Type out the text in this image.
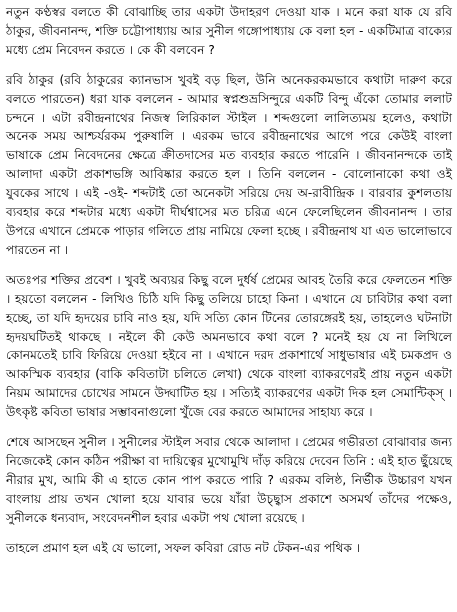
নতুন কণ্ঠস্বর বলতে কী বোঝাচ্ছি তার একটা উদাহরণ দেওয়া যাক । মনে করা যাক যে রবি ঠাকুর, জীবনানন্দ, শক্তি চট্টোপাধ্যায় আর সুনীল গঙ্গোপাধ্যায় কে বলা হল - একটিমাত্র বাক্যের মধ্যে প্রেম নিবেদন করতে । কে কী বলবেন ?

রবি ঠাকুর (রবি ঠাকুরের ক্যানভাস খুবই বড় ছিল, উনি অনেকরকমভাবে কথাটা দারুণ করে বলতে পারতেন) ধরা যাক বললেন - আমার স্বপ্নশুভ্রসিন্দুরে একটি বিন্দু এঁকো তোমার ললাট চন্দনে । এটা রবীন্দ্রনাথের নিজস্ব লিরিকাল স্টাইল । শব্দগুলো লালিত্যময় হলেও, কথাটা অনেক সময় আশ্চর্যরকম পুরুষালি । এরকম ভাবে রবীন্দ্রনাথের আগে পরে কেউই বাংলা ভাষাকে প্রেম নিবেদনের ক্ষেত্রে ক্রীতদাসের মত ব্যবহার করতে পারেনি । জীবনানন্দকে তাই আলাদা একটা প্রকাশভঙ্গি আবিষ্কার করতে হল । তিনি বললেন - বোলোনাকো কথা ওই যুবকের সাথে । এই -ওই- শব্দটাই তো অনেকটা সরিয়ে দেয় অ-রাবীন্দ্রিক । বারবার কুশলতায় ব্যবহার করে শব্দটার মধ্যে একটা দীর্ঘশ্বাসের মত চরিত্র এনে ফেলেছিলেন জীবনানন্দ । তার উপরে এখানে প্রেমকে পাড়ার গলিতে প্রায় নামিয়ে ফেলা হচ্ছে । রবীন্দ্রনাথ যা এত ভালোভাবে পারতেন না ।

অতঃপর শক্তির প্রবেশ । খুবই অব্যয়র কিছু বলে দুর্ধর্ষ প্রেমের আবহ তৈরি করে ফেলতেন শক্তি । হয়তো বললেন - লিখিও চিঠি যদি কিছু তলিয়ে চাহো কিনা । এখানে যে চাবিটার কথা বলা হচ্ছে, তা যদি হৃদয়ের চাবি নাও হয়, যদি সত্যি কোন টিনের তোরঙ্গেরই হয়, তাহলেও ঘটনাটা হৃদয়ঘটিতই থাকছে । নইলে কী কেউ অমনভাবে কথা বলে ? মনেই হয় যে না লিখিলে কোনমতেই চাবি ফিরিয়ে দেওয়া হইবে না । এখানে দরদ প্রকাশার্থে সাধুভাষার এই চমকপ্রদ ও আকস্মিক ব্যবহার (বাকি কবিতাটা চলিতে লেখা) থেকে বাংলা ব্যাকরণেরই প্রায় নতুন একটা নিয়ম আমাদের চোখের সামনে উদ্ঘাটিত হয় । সত্যিই ব্যাকরণের একটা দিক হল সেমান্টিক্স্ । উৎকৃষ্ট কবিতা ভাষার সম্ভাবনাগুলো খুঁজে বের করতে আমাদের সাহায্য করে ।

শেষে আসছেন সুনীল । সুনীলের স্টাইল সবার থেকে আলাদা । প্রেমের গভীরতা বোঝাবার জন্য নিজেকেই কোন কঠিন পরীক্ষা বা দায়িত্বের মুখোমুখি দাঁড় করিয়ে দেবেন তিনি : এই হাত ছুঁয়েছে নীরার মুখ, আমি কী এ হাতে কোন পাপ করতে পারি ? এরকম বলিষ্ঠ, নির্ভীক উচ্চারণ যখন বাংলায় প্রায় তখন খোলা হয়ে যাবার ভয়ে যাঁরা উচ্ছ্বাস প্রকাশে অসমর্থ তাঁদের পক্ষেও, সুনীলকে ধন্যবাদ, সংবেদনশীল হবার একটা পথ খোলা রয়েছে ।

তাহলে প্রমাণ হল এই যে ভালো, সফল কবিরা রোড নট টেকন-এর পথিক ।
